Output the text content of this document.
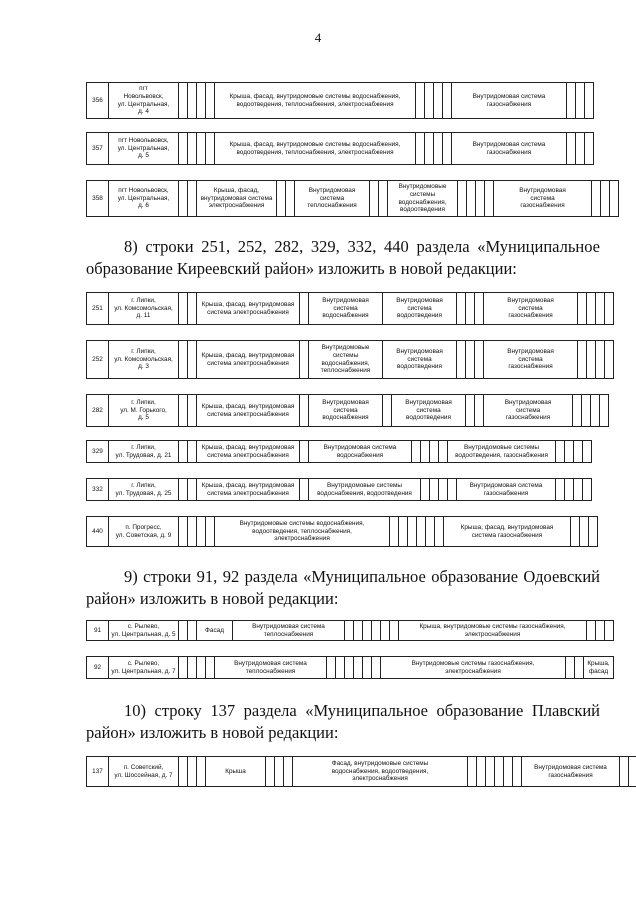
4
356	пгт
Новольвовск,
ул. Центральная,
д. 4					Крыша, фасад, внутридомовые системы водоснабжения,
водоотведения, теплоснабжения, электроснабжения					Внутридомовая система
газоснабжения			
357	пгт Новольвовск,
ул. Центральная,
д. 5					Крыша, фасад, внутридомовые системы водоснабжения,
водоотведения, теплоснабжения, электроснабжения					Внутридомовая система
газоснабжения			
358	пгт Новольвовск,
ул. Центральная,
д. 6			Крыша, фасад,
внутридомовая система
электроснабжения			Внутридомовая
система
теплоснабжения			Внутридомовые
системы
водоснабжения,
водоотведения					Внутридомовая
система
газоснабжения			
251	г. Липки,
ул. Комсомольская,
д. 11			Крыша, фасад, внутридомовая
система электроснабжения		Внутридомовая
система
водоснабжения	Внутридомовая
система
водоотведения				Внутридомовая
система
газоснабжения				
252	г. Липки,
ул. Комсомольская,
д. 3			Крыша, фасад, внутридомовая
система электроснабжения		Внутридомовые
системы
водоснабжения,
теплоснабжения	Внутридомовая
система
водоотведения				Внутридомовая
система
газоснабжения				
282	г. Липки,
ул. М. Горького,
д. 5			Крыша, фасад, внутридомовая
система электроснабжения		Внутридомовая
система
водоснабжения		Внутридомовая
система
водоотведения			Внутридомовая
система
газоснабжения				
329	г. Липки,
ул. Трудовая, д. 21			Крыша, фасад, внутридомовая
система электроснабжения		Внутридомовая система
водоснабжения					Внутридомовые системы
водоотведения, газоснабжения				
332	г. Липки,
ул. Трудовая, д. 25			Крыша, фасад, внутридомовая
система электроснабжения		Внутридомовые системы
водоснабжения, водоотведения					Внутридомовая система
газоснабжения				
440	п. Прогресс,
ул. Советская, д. 9					Внутридомовые системы водоснабжения,
водоотведения, теплоснабжения,
электроснабжения							Крыша, фасад, внутридомовая
система газоснабжения			
91	с. Рылево,
ул. Центральная, д. 5			Фасад	Внутридомовая система
теплоснабжения							Крыша, внутридомовые системы газоснабжения,
электроснабжения			
92	с. Рылево,
ул. Центральная, д. 7					Внутридомовая система
теплоснабжения							Внутридомовые системы газоснабжения,
электроснабжения			Крыша,
фасад
137	п. Советский,
ул. Шоссейная, д. 7				Крыша				Фасад, внутридомовые системы
водоснабжения, водоотведения,
электроснабжения							Внутридомовая система
газоснабжения			
8) строки 251, 252, 282, 329, 332, 440 раздела «Муниципальное образование Киреевский район» изложить в новой редакции:
9) строки 91, 92 раздела «Муниципальное образование Одоевский район» изложить в новой редакции:
10) строку 137 раздела «Муниципальное образование Плавский район» изложить в новой редакции:
